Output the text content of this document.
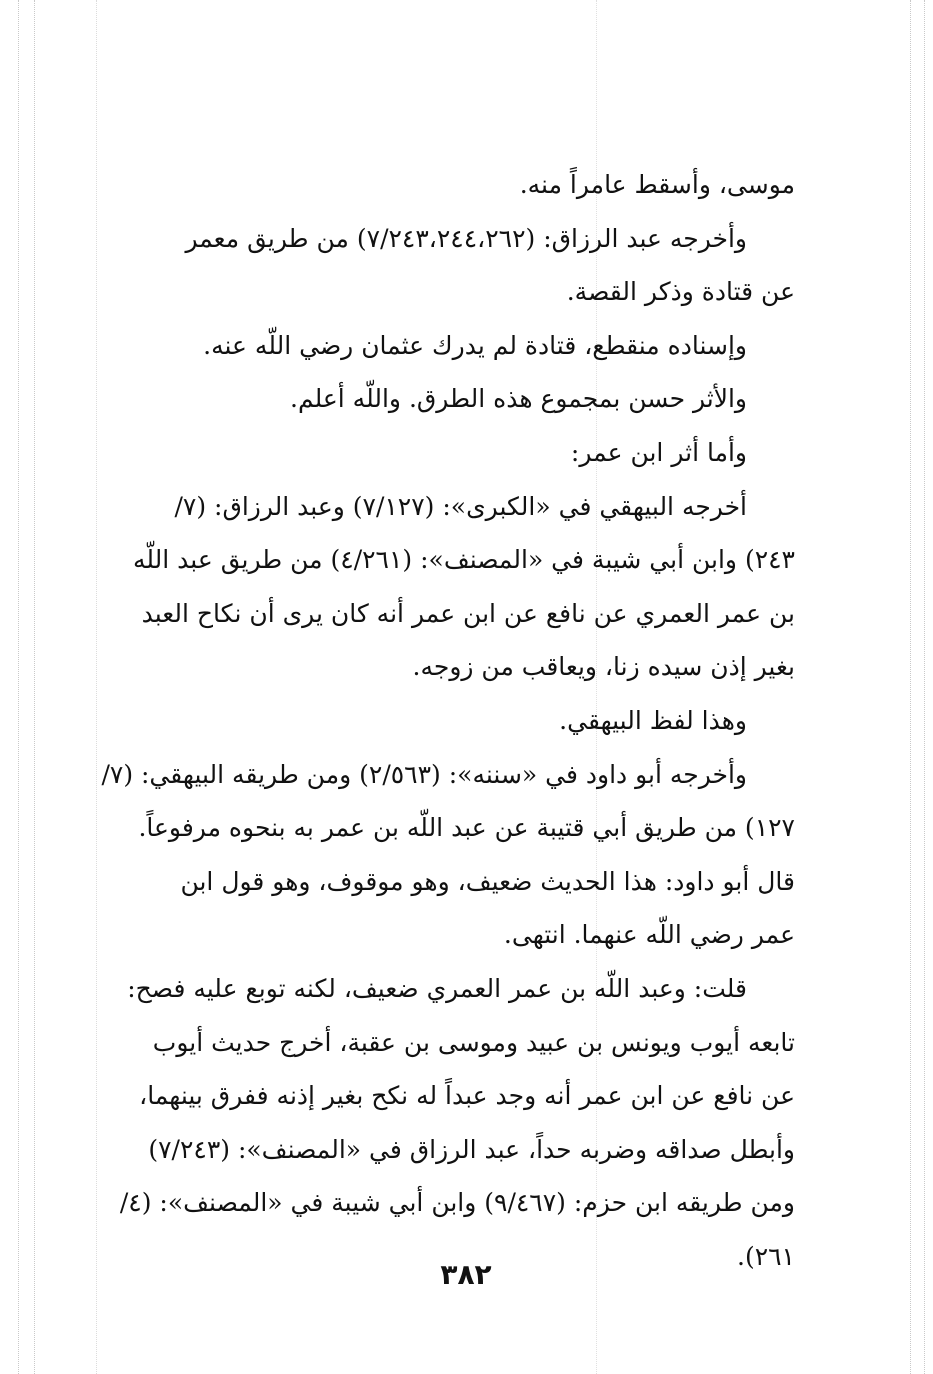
موسى، وأسقط عامراً منه.

وأخرجه عبد الرزاق: (٧/٢٤٣،٢٤٤،٢٦٢) من طريق معمر

عن قتادة وذكر القصة.

وإسناده منقطع، قتادة لم يدرك عثمان رضي اللّه عنه.

والأثر حسن بمجموع هذه الطرق. واللّه أعلم.

وأما أثر ابن عمر:

أخرجه البيهقي في «الكبرى»: (٧/١٢٧) وعبد الرزاق: (٧/

٢٤٣) وابن أبي شيبة في «المصنف»: (٤/٢٦١) من طريق عبد اللّه

بن عمر العمري عن نافع عن ابن عمر أنه كان يرى أن نكاح العبد

بغير إذن سيده زنا، ويعاقب من زوجه.

وهذا لفظ البيهقي.

وأخرجه أبو داود في «سننه»: (٢/٥٦٣) ومن طريقه البيهقي: (٧/

١٢٧) من طريق أبي قتيبة عن عبد اللّه بن عمر به بنحوه مرفوعاً.

قال أبو داود: هذا الحديث ضعيف، وهو موقوف، وهو قول ابن

عمر رضي اللّه عنهما. انتهى.

قلت: وعبد اللّه بن عمر العمري ضعيف، لكنه توبع عليه فصح:

تابعه أيوب ويونس بن عبيد وموسى بن عقبة، أخرج حديث أيوب

عن نافع عن ابن عمر أنه وجد عبداً له نكح بغير إذنه ففرق بينهما،

وأبطل صداقه وضربه حداً، عبد الرزاق في «المصنف»: (٧/٢٤٣)

ومن طريقه ابن حزم: (٩/٤٦٧) وابن أبي شيبة في «المصنف»: (٤/

٢٦١).

٣٨٢
